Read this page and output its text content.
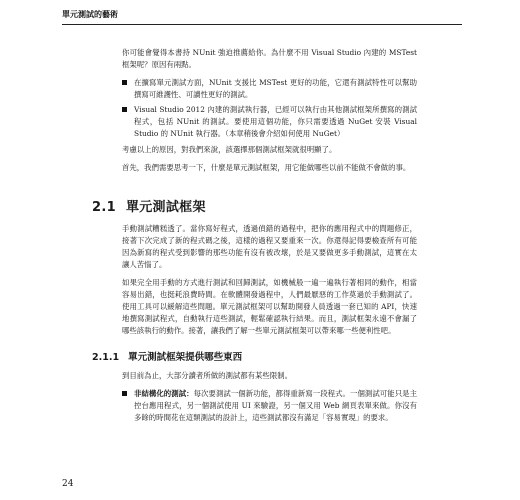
單元測試的藝術

你可能會覺得本書持 NUnit 強迫推薦給你。為什麼不用 Visual Studio 內建的 MSTest 框架呢？原因有兩點。

在擴寫單元測試方面，NUnit 支援比 MSTest 更好的功能，它還有測試特性可以幫助撰寫可維護性、可讀性更好的測試。
Visual Studio 2012 內建的測試執行器，已經可以執行由其他測試框架所撰寫的測試程式，包括 NUnit 的測試。要使用這個功能，你只需要透過 NuGet 安裝 Visual Studio 的 NUnit 執行器。（本章稍後會介紹如何使用 NuGet）

考慮以上的原因，對我們來說，該選擇那個測試框架就很明顯了。

首先，我們需要思考一下，什麼是單元測試框架，用它能做哪些以前不能做不會做的事。

2.1 單元測試框架

手動測試糟糕透了。當你寫好程式，透過偵錯的過程中，把你的應用程式中的問題修正，接著下次完成了新的程式碼之後，這樣的過程又要重來一次。你還得記得要檢查所有可能因為新寫的程式受到影響的那些功能有沒有被改壞，於是又要做更多手動測試，這實在太讓人苦惱了。

如果完全用手動的方式進行測試和回歸測試，如機械般一遍一遍執行著相同的動作，相當容易出錯，也挺耗浪費時間。在軟體開發過程中，人們最厭惡的工作莫過於手動測試了。使用工具可以緩解這些問題。單元測試框架可以幫助開發人員透過一套已知的 API，快速地撰寫測試程式，自動執行這些測試，輕鬆確認執行結果。而且，測試框架永遠不會漏了哪些該執行的動作。接著，讓我們了解一些單元測試框架可以帶來哪一些便利性吧。

2.1.1 單元測試框架提供哪些東西

到目前為止，大部分讀者所做的測試都有某些限制。

非結構化的測試：每次要測試一個新功能，都得重新寫一段程式。一個測試可能只是主控台應用程式，另一個測試使用 UI 來驗證，另一個又用 Web 網頁表單來做。你沒有多餘的時間花在這類測試的設計上，這些測試都沒有滿足「容易實現」的要求。
24
